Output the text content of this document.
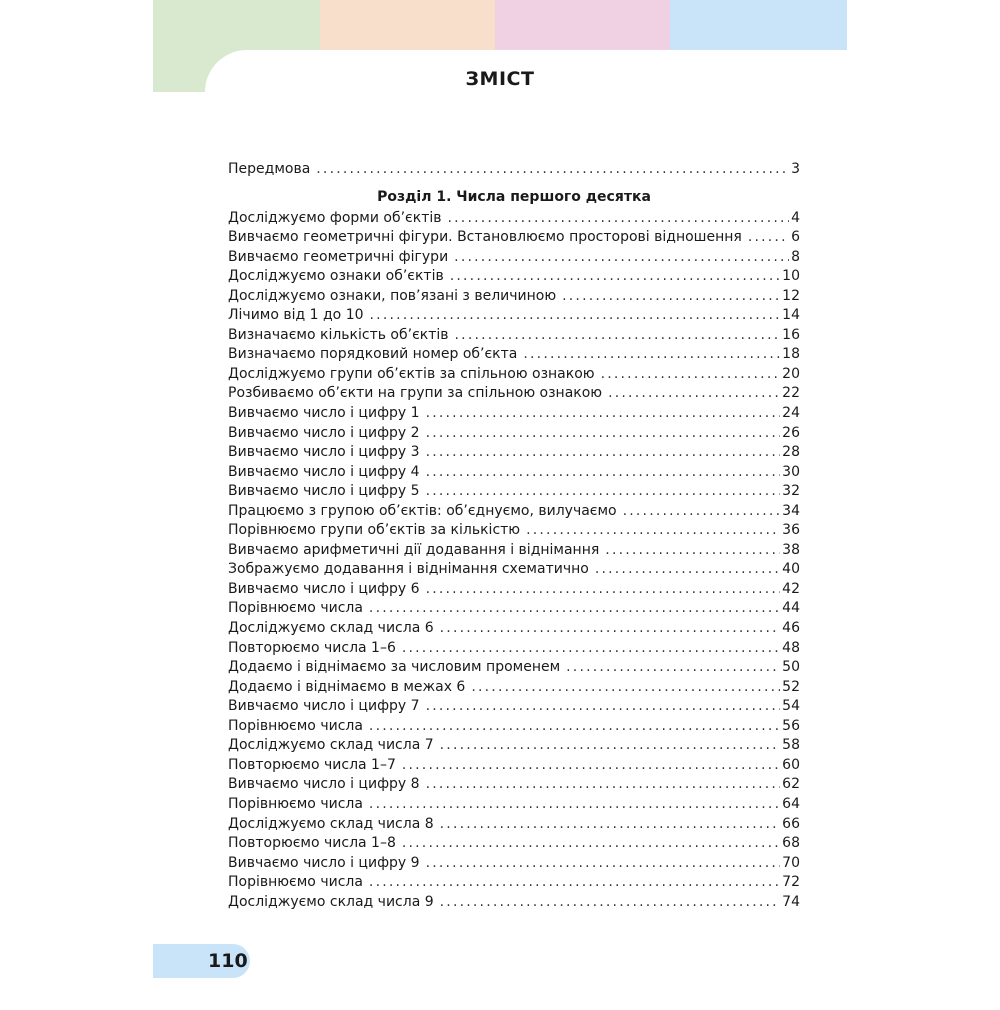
ЗМІСТ
Передмова .....	3
Розділ 1. Числа першого десятка
Досліджуємо форми об’єктів .....	4
Вивчаємо геометричні фігури. Встановлюємо просторові відношення .....	6
Вивчаємо геометричні фігури .....	8
Досліджуємо ознаки об’єктів .....	10
Досліджуємо ознаки, пов’язані з величиною .....	12
Лічимо від 1 до 10 .....	14
Визначаємо кількість об’єктів .....	16
Визначаємо порядковий номер об’єкта .....	18
Досліджуємо групи об’єктів за спільною ознакою .....	20
Розбиваємо об’єкти на групи за спільною ознакою .....	22
Вивчаємо число і цифру 1 .....	24
Вивчаємо число і цифру 2 .....	26
Вивчаємо число і цифру 3 .....	28
Вивчаємо число і цифру 4 .....	30
Вивчаємо число і цифру 5 .....	32
Працюємо з групою об’єктів: об’єднуємо, вилучаємо .....	34
Порівнюємо групи об’єктів за кількістю .....	36
Вивчаємо арифметичні дії додавання і віднімання .....	38
Зображуємо додавання і віднімання схематично .....	40
Вивчаємо число і цифру 6 .....	42
Порівнюємо числа .....	44
Досліджуємо склад числа 6 .....	46
Повторюємо числа 1–6 .....	48
Додаємо і віднімаємо за числовим променем .....	50
Додаємо і віднімаємо в межах 6 .....	52
Вивчаємо число і цифру 7 .....	54
Порівнюємо числа .....	56
Досліджуємо склад числа 7 .....	58
Повторюємо числа 1–7 .....	60
Вивчаємо число і цифру 8 .....	62
Порівнюємо числа .....	64
Досліджуємо склад числа 8 .....	66
Повторюємо числа 1–8 .....	68
Вивчаємо число і цифру 9 .....	70
Порівнюємо числа .....	72
Досліджуємо склад числа 9 .....	74
110
